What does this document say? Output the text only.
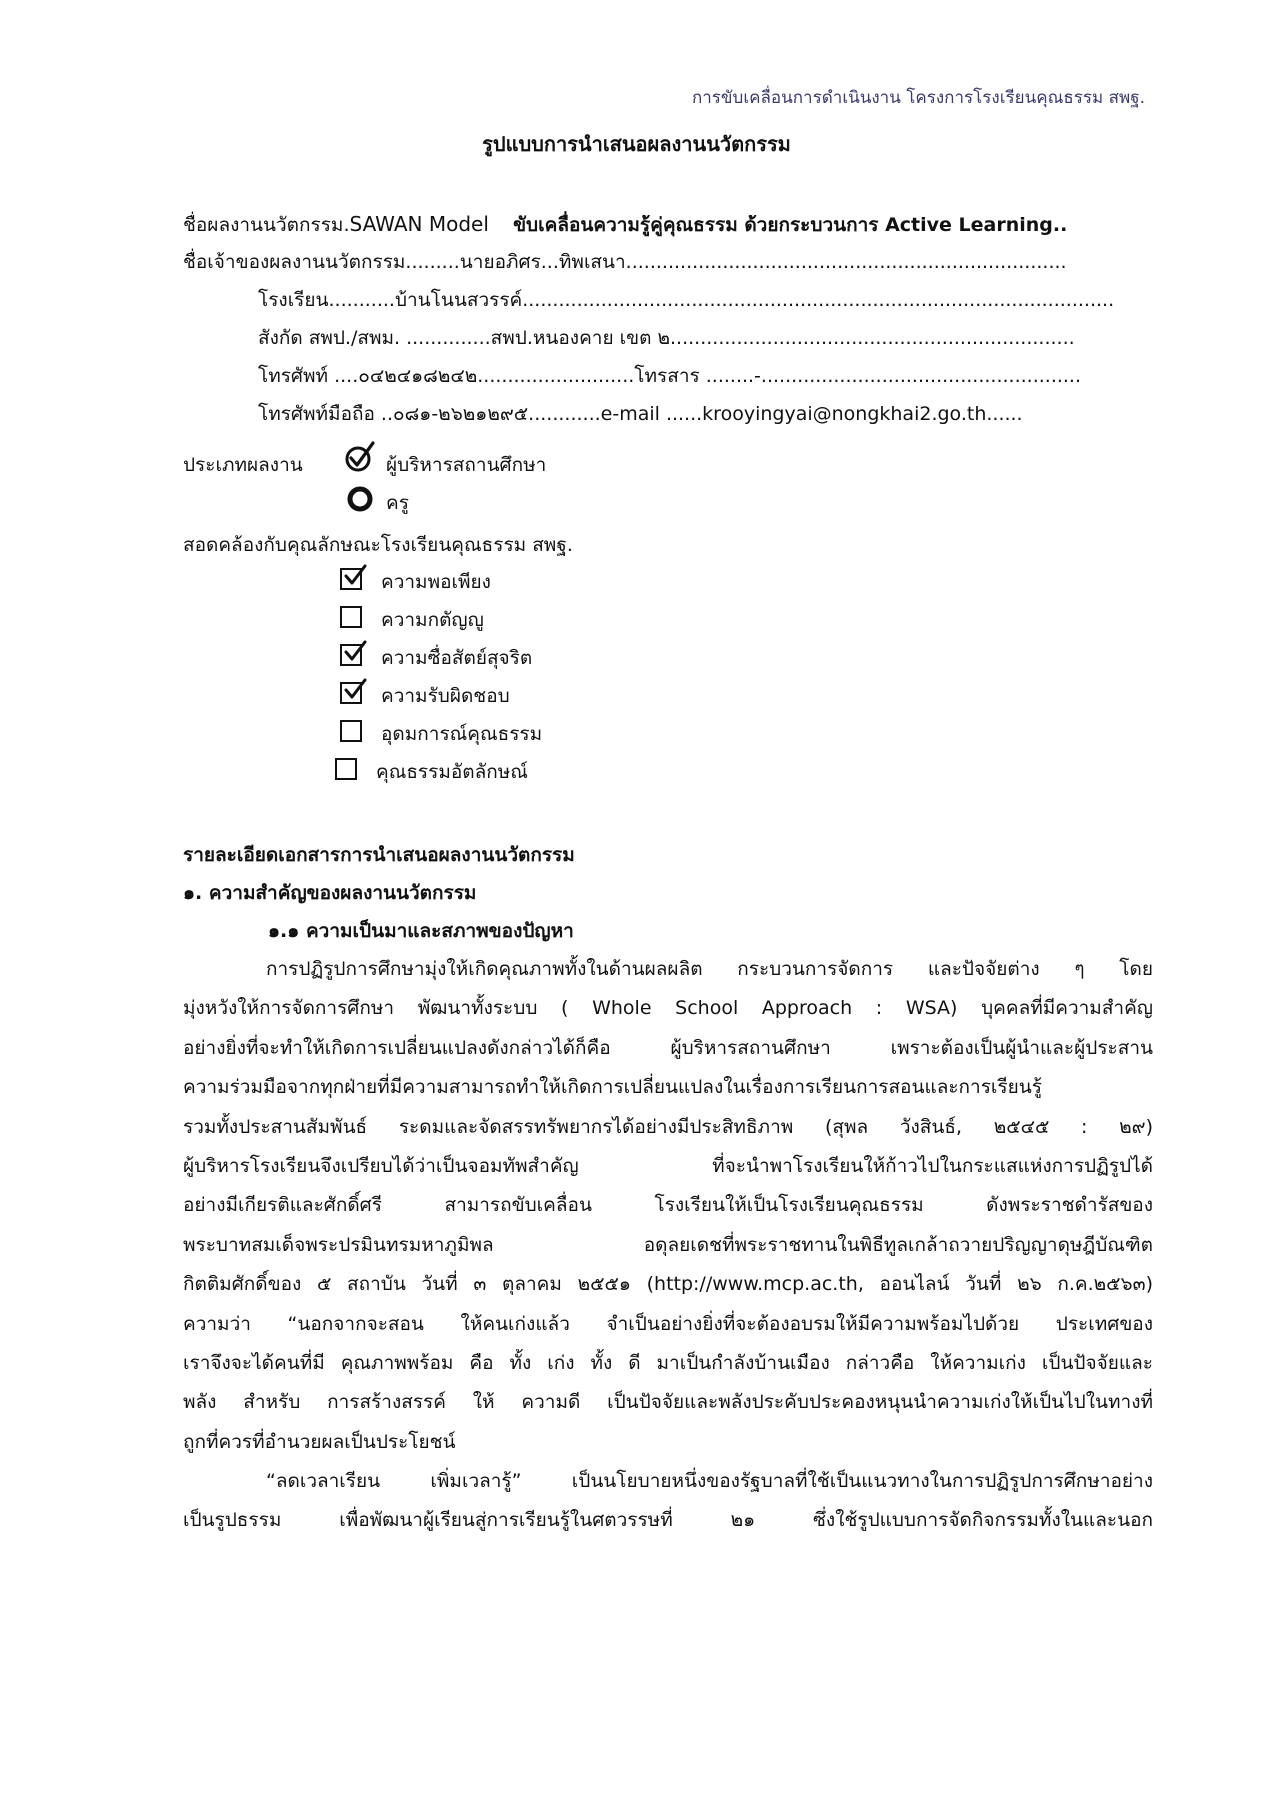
การขับเคลื่อนการดำเนินงาน โครงการโรงเรียนคุณธรรม สพฐ.
รูปแบบการนำเสนอผลงานนวัตกรรม
ชื่อผลงานนวัตกรรม.SAWAN Model ขับเคลื่อนความรู้คู่คุณธรรม ด้วยกระบวนการ Active Learning..
ชื่อเจ้าของผลงานนวัตกรรม.........นายอภิศร...ทิพเสนา.........................................................................
โรงเรียน...........บ้านโนนสวรรค์..................................................................................................
สังกัด สพป./สพม. ..............สพป.หนองคาย เขต ๒...................................................................
โทรศัพท์ ....๐๔๒๔๑๘๒๔๒..........................โทรสาร ........-.....................................................
โทรศัพท์มือถือ ..๐๘๑-๒๖๒๑๒๙๕............e-mail ......krooyingyai@nongkhai2.go.th......
ประเภทผลงาน	ผู้บริหารสถานศึกษา
ครู
สอดคล้องกับคุณลักษณะโรงเรียนคุณธรรม สพฐ.
ความพอเพียง
ความกตัญญู
ความซื่อสัตย์สุจริต
ความรับผิดชอบ
อุดมการณ์คุณธรรม
คุณธรรมอัตลักษณ์
รายละเอียดเอกสารการนำเสนอผลงานนวัตกรรม
๑. ความสำคัญของผลงานนวัตกรรม
๑.๑ ความเป็นมาและสภาพของปัญหา
การปฏิรูปการศึกษามุ่งให้เกิดคุณภาพทั้งในด้านผลผลิต กระบวนการจัดการ และปัจจัยต่าง ๆ โดย
มุ่งหวังให้การจัดการศึกษา พัฒนาทั้งระบบ ( Whole School Approach : WSA) บุคคลที่มีความสำคัญ
อย่างยิ่งที่จะทำให้เกิดการเปลี่ยนแปลงดังกล่าวได้ก็คือ ผู้บริหารสถานศึกษา เพราะต้องเป็นผู้นำและผู้ประสาน
ความร่วมมือจากทุกฝ่ายที่มีความสามารถทำให้เกิดการเปลี่ยนแปลงในเรื่องการเรียนการสอนและการเรียนรู้
รวมทั้งประสานสัมพันธ์ ระดมและจัดสรรทรัพยากรได้อย่างมีประสิทธิภาพ (สุพล วังสินธ์, ๒๕๔๕ : ๒๙)
ผู้บริหารโรงเรียนจึงเปรียบได้ว่าเป็นจอมทัพสำคัญ ที่จะนำพาโรงเรียนให้ก้าวไปในกระแสแห่งการปฏิรูปได้
อย่างมีเกียรติและศักดิ์ศรี สามารถขับเคลื่อน โรงเรียนให้เป็นโรงเรียนคุณธรรม ดังพระราชดำรัสของ
พระบาทสมเด็จพระปรมินทรมหาภูมิพล อดุลยเดชที่พระราชทานในพิธีทูลเกล้าถวายปริญญาดุษฎีบัณฑิต
กิตติมศักดิ์ของ ๕ สถาบัน วันที่ ๓ ตุลาคม ๒๕๕๑ (http://www.mcp.ac.th, ออนไลน์ วันที่ ๒๖ ก.ค.๒๕๖๓)
ความว่า “นอกจากจะสอน ให้คนเก่งแล้ว จำเป็นอย่างยิ่งที่จะต้องอบรมให้มีความพร้อมไปด้วย ประเทศของ
เราจึงจะได้คนที่มี คุณภาพพร้อม คือ ทั้ง เก่ง ทั้ง ดี มาเป็นกำลังบ้านเมือง กล่าวคือ ให้ความเก่ง เป็นปัจจัยและ
พลัง สำหรับ การสร้างสรรค์ ให้ ความดี เป็นปัจจัยและพลังประคับประคองหนุนนำความเก่งให้เป็นไปในทางที่
ถูกที่ควรที่อำนวยผลเป็นประโยชน์
“ลดเวลาเรียน เพิ่มเวลารู้” เป็นนโยบายหนึ่งของรัฐบาลที่ใช้เป็นแนวทางในการปฏิรูปการศึกษาอย่าง
เป็นรูปธรรม เพื่อพัฒนาผู้เรียนสู่การเรียนรู้ในศตวรรษที่ ๒๑ ซึ่งใช้รูปแบบการจัดกิจกรรมทั้งในและนอก
